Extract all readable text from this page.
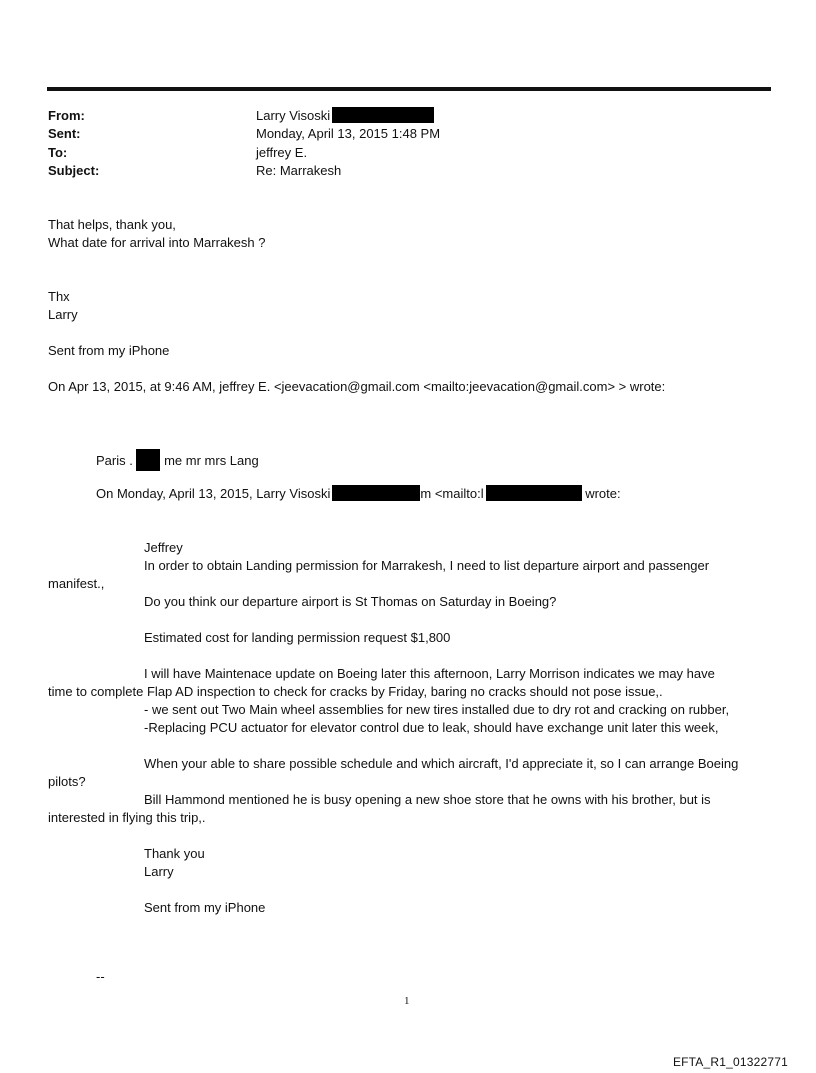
From:	Larry Visoski
Sent:	Monday, April 13, 2015 1:48 PM
To:	jeffrey E.
Subject:	Re: Marrakesh
That helps, thank you,
What date for arrival into Marrakesh ?
Thx
Larry
Sent from my iPhone
On Apr 13, 2015, at 9:46 AM, jeffrey E. <jeevacation@gmail.com <mailto:jeevacation@gmail.com> > wrote:
Paris . me mr mrs Lang
On Monday, April 13, 2015, Larry Visoski	m <mailto:l	wrote:
Jeffrey
In order to obtain Landing permission for Marrakesh, I need to list departure airport and passenger
manifest.,
Do you think our departure airport is St Thomas on Saturday in Boeing?
Estimated cost for landing permission request $1,800
I will have Maintenace update on Boeing later this afternoon, Larry Morrison indicates we may have
time to complete Flap AD inspection to check for cracks by Friday, baring no cracks should not pose issue,.
- we sent out Two Main wheel assemblies for new tires installed due to dry rot and cracking on rubber,
-Replacing PCU actuator for elevator control due to leak, should have exchange unit later this week,
When your able to share possible schedule and which aircraft, I'd appreciate it, so I can arrange Boeing
pilots?
Bill Hammond mentioned he is busy opening a new shoe store that he owns with his brother, but is
interested in flying this trip,.
Thank you
Larry
Sent from my iPhone
--
1
EFTA_R1_01322771
